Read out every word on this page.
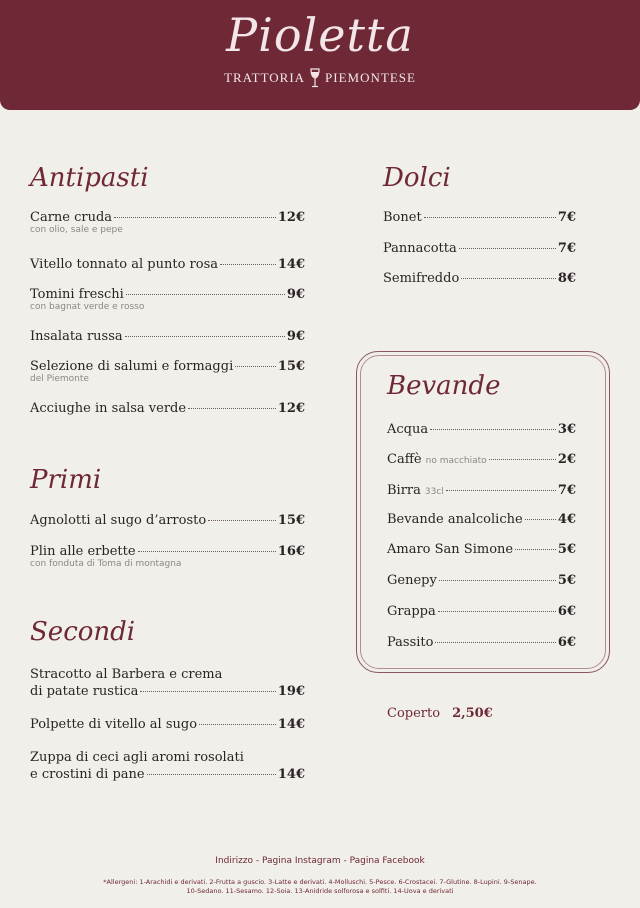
Pioletta
TRATTORIA PIEMONTESE
Antipasti
Carne cruda	12€
con olio, sale e pepe
Vitello tonnato al punto rosa	14€
Tomini freschi	9€
con bagnat verde e rosso
Insalata russa	9€
Selezione di salumi e formaggi	15€
del Piemonte
Acciughe in salsa verde	12€
Primi
Agnolotti al sugo d’arrosto	15€
Plin alle erbette	16€
con fonduta di Toma di montagna
Secondi
Stracotto al Barbera e crema
di patate rustica	19€
Polpette di vitello al sugo	14€
Zuppa di ceci agli aromi rosolati
e crostini di pane	14€
Dolci
Bonet	7€
Pannacotta	7€
Semifreddo	8€
Bevande
Acqua	3€
Caffè no macchiato	2€
Birra 33cl	7€
Bevande analcoliche	4€
Amaro San Simone	5€
Genepy	5€
Grappa	6€
Passito	6€
Coperto 2,50€
Indirizzo - Pagina Instagram - Pagina Facebook
*Allergeni: 1-Arachidi e derivati. 2-Frutta a guscio. 3-Latte e derivati. 4-Molluschi. 5-Pesce. 6-Crostacei. 7-Glutine. 8-Lupini. 9-Senape.
10-Sedano. 11-Sesamo. 12-Soia. 13-Anidride solforosa e solfiti. 14-Uova e derivati
